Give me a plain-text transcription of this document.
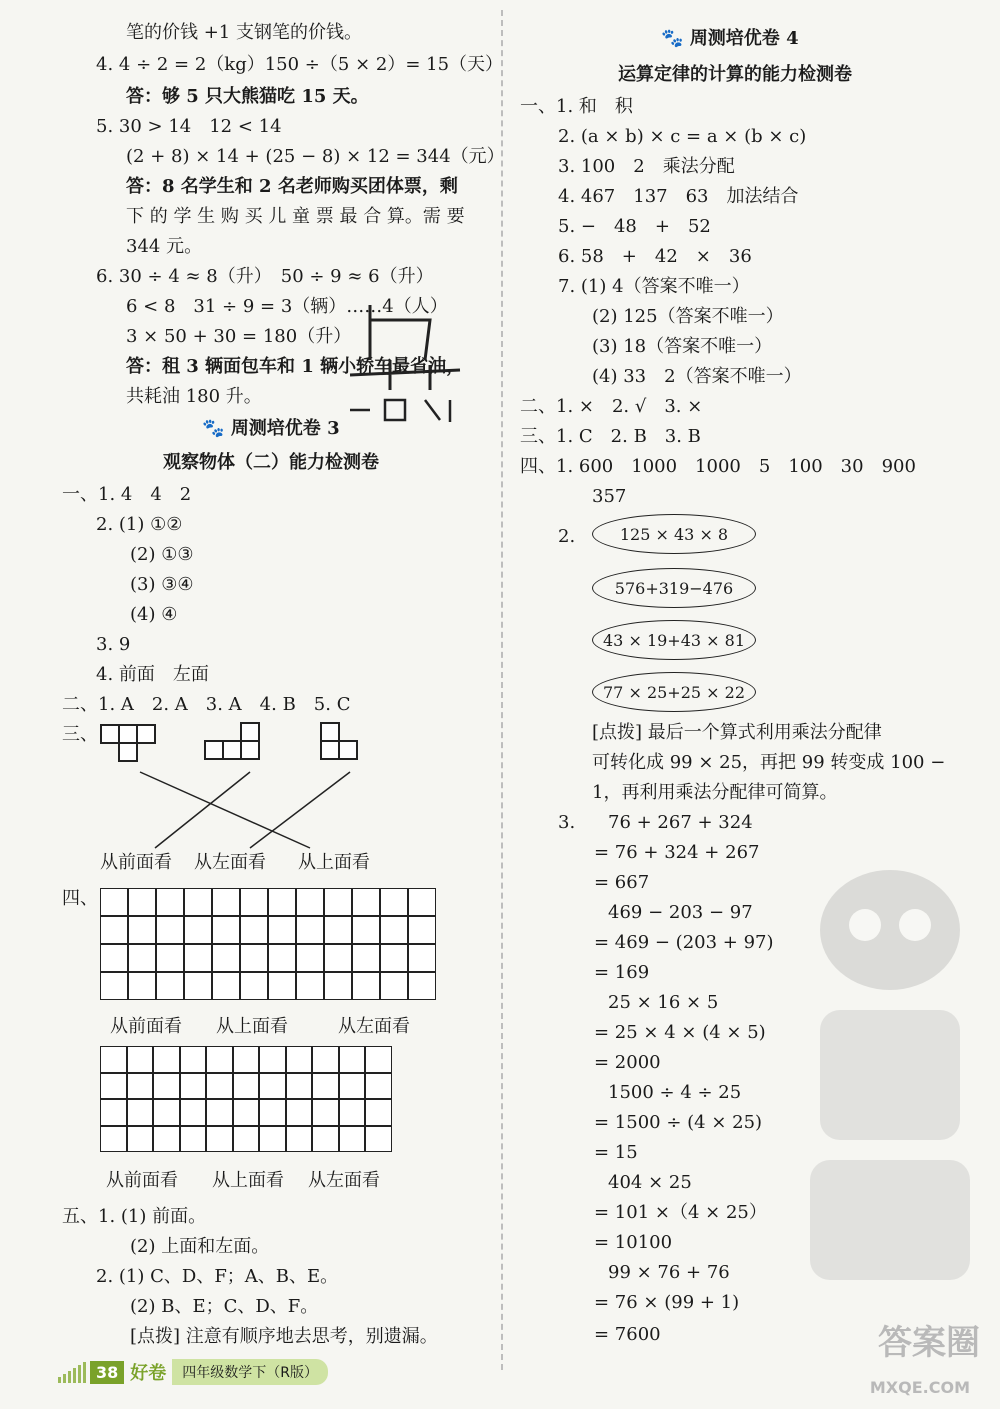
笔的价钱 +1 支钢笔的价钱。
4. 4 ÷ 2 = 2（kg）150 ÷（5 × 2）= 15（天）
答：够 5 只大熊猫吃 15 天。
5. 30 > 14　12 < 14
(2 + 8) × 14 + (25 − 8) × 12 = 344（元）
答：8 名学生和 2 名老师购买团体票，剩
下 的 学 生 购 买 儿 童 票 最 合 算。需 要
344 元。
6. 30 ÷ 4 ≈ 8（升）　50 ÷ 9 ≈ 6（升）
6 < 8　31 ÷ 9 = 3（辆）……4（人）
3 × 50 + 30 = 180（升）
答：租 3 辆面包车和 1 辆小轿车最省油，
共耗油 180 升。
🐾 周测培优卷 3
观察物体（二）能力检测卷
一、1. 4　4　2
2. (1) ①②
(2) ①③
(3) ③④
(4) ④
3. 9
4. 前面　左面
二、1. A　2. A　3. A　4. B　5. C
三、
从前面看 从左面看 从上面看
四、
从前面看 从上面看	从左面看
从前面看 从上面看 从左面看
五、1. (1) 前面。
(2) 上面和左面。
2. (1) C、D、F；A、B、E。
(2) B、E；C、D、F。
[点拨] 注意有顺序地去思考，别遗漏。
🐾 周测培优卷 4
运算定律的计算的能力检测卷
一、1. 和　积
2. (a × b) × c = a × (b × c)
3. 100　2　乘法分配
4. 467　137　63　加法结合
5. −　48　+　52
6. 58　+　42　×　36
7. (1) 4（答案不唯一）
(2) 125（答案不唯一）
(3) 18（答案不唯一）
(4) 33　2（答案不唯一）
二、1. ×　2. √　3. ×
三、1. C　2. B　3. B
四、1. 600　1000　1000　5　100　30　900
357
2.	125 × 43 × 8
576+319−476
43 × 19+43 × 81
77 × 25+25 × 22
[点拨] 最后一个算式利用乘法分配律
可转化成 99 × 25，再把 99 转变成 100 −
1，再利用乘法分配律可简算。
3. 76 + 267 + 324
= 76 + 324 + 267
= 667
469 − 203 − 97
= 469 − (203 + 97)
= 169
25 × 16 × 5
= 25 × 4 × (4 × 5)
= 2000
1500 ÷ 4 ÷ 25
= 1500 ÷ (4 × 25)
= 15
404 × 25
= 101 ×（4 × 25）
= 10100
99 × 76 + 76
= 76 × (99 + 1)
= 7600
38 好卷	四年级数学下（R版）
答案圈
MXQE.COM
